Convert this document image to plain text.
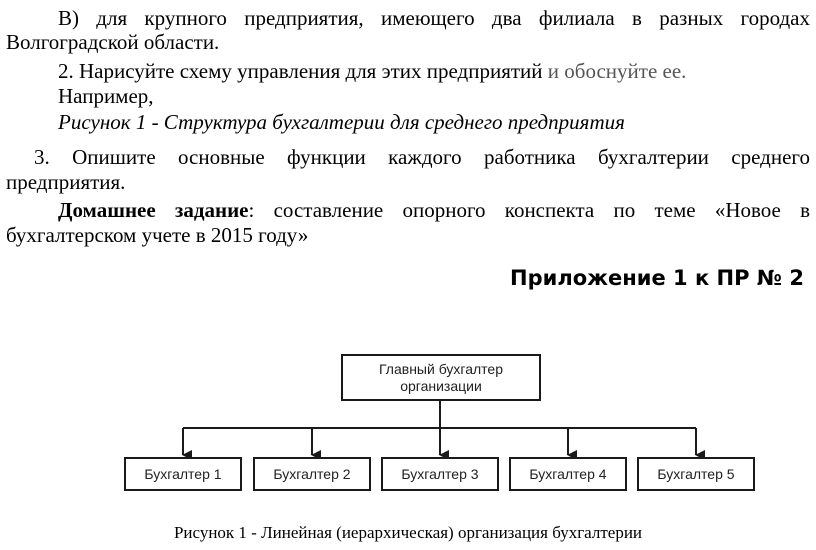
В) для крупного предприятия, имеющего два филиала в разных городах
Волгоградской области.
2. Нарисуйте схему управления для этих предприятий и обоснуйте ее.
Например,
Рисунок 1 - Структура бухгалтерии для среднего предприятия
3. Опишите основные функции каждого работника бухгалтерии среднего
предприятия.
Домашнее задание: составление опорного конспекта по теме «Новое в
бухгалтерском учете в 2015 году»
Приложение 1 к ПР № 2
Главный бухгалтер
организации
Бухгалтер 1	Бухгалтер 2	Бухгалтер 3	Бухгалтер 4	Бухгалтер 5
Рисунок 1 - Линейная (иерархическая) организация бухгалтерии
